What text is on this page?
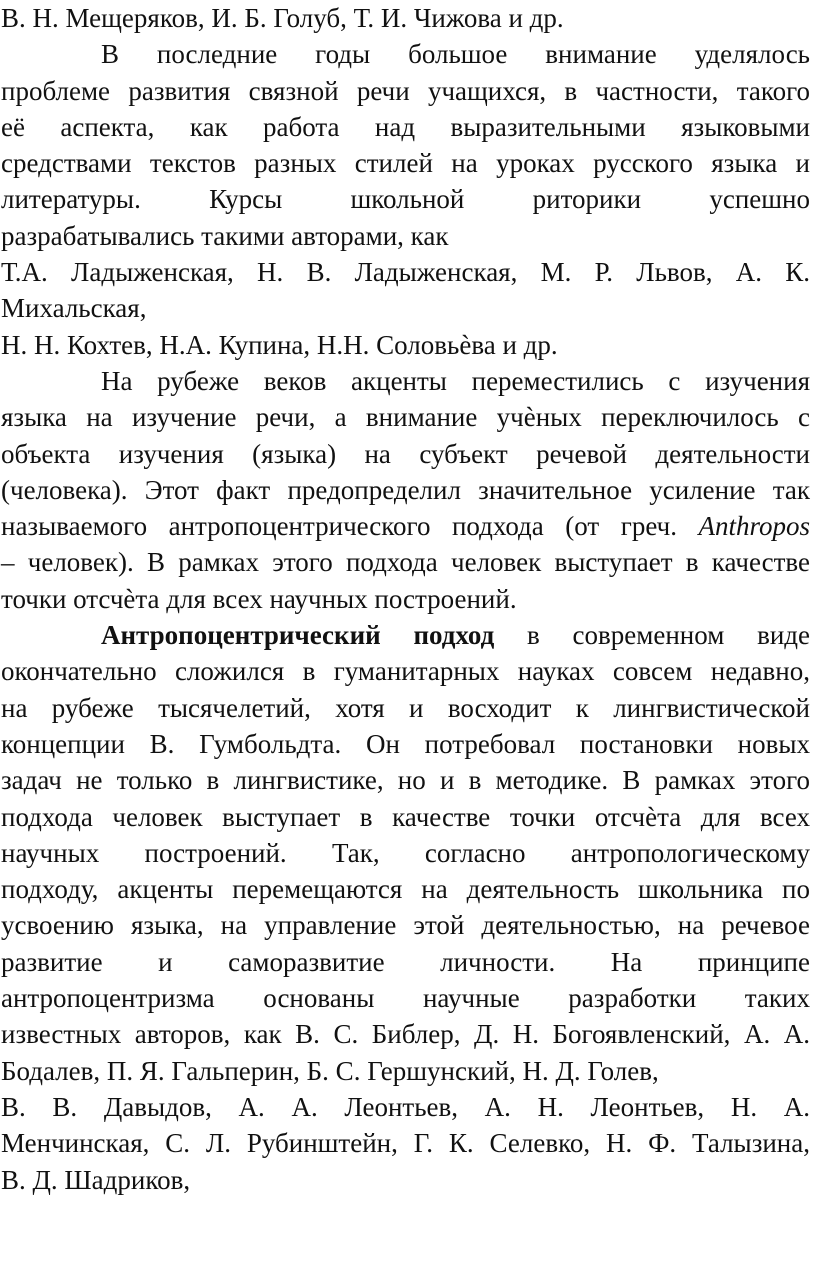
В. Н. Мещеряков, И. Б. Голуб, Т. И. Чижова и др.
В последние годы большое внимание уделялось
проблеме развития связной речи учащихся, в частности, такого
её аспекта, как работа над выразительными языковыми
средствами текстов разных стилей на уроках русского языка и
литературы. Курсы школьной риторики успешно
разрабатывались такими авторами, как
Т.А. Ладыженская, Н. В. Ладыженская, М. Р. Львов, А. К.
Михальская,
Н. Н. Кохтев, Н.А. Купина, Н.Н. Соловьѐва и др.
На рубеже веков акценты переместились с изучения
языка на изучение речи, а внимание учѐных переключилось с
объекта изучения (языка) на субъект речевой деятельности
(человека). Этот факт предопределил значительное усиление так
называемого антропоцентрического подхода (от греч. Anthropos
– человек). В рамках этого подхода человек выступает в качестве
точки отсчѐта для всех научных построений.
Антропоцентрический подход в современном виде
окончательно сложился в гуманитарных науках совсем недавно,
на рубеже тысячелетий, хотя и восходит к лингвистической
концепции В. Гумбольдта. Он потребовал постановки новых
задач не только в лингвистике, но и в методике. В рамках этого
подхода человек выступает в качестве точки отсчѐта для всех
научных построений. Так, согласно антропологическому
подходу, акценты перемещаются на деятельность школьника по
усвоению языка, на управление этой деятельностью, на речевое
развитие и саморазвитие личности. На принципе
антропоцентризма основаны научные разработки таких
известных авторов, как В. С. Библер, Д. Н. Богоявленский, А. А.
Бодалев, П. Я. Гальперин, Б. С. Гершунский, Н. Д. Голев,
В. В. Давыдов, А. А. Леонтьев, А. Н. Леонтьев, Н. А.
Менчинская, С. Л. Рубинштейн, Г. К. Селевко, Н. Ф. Талызина,
В. Д. Шадриков,
